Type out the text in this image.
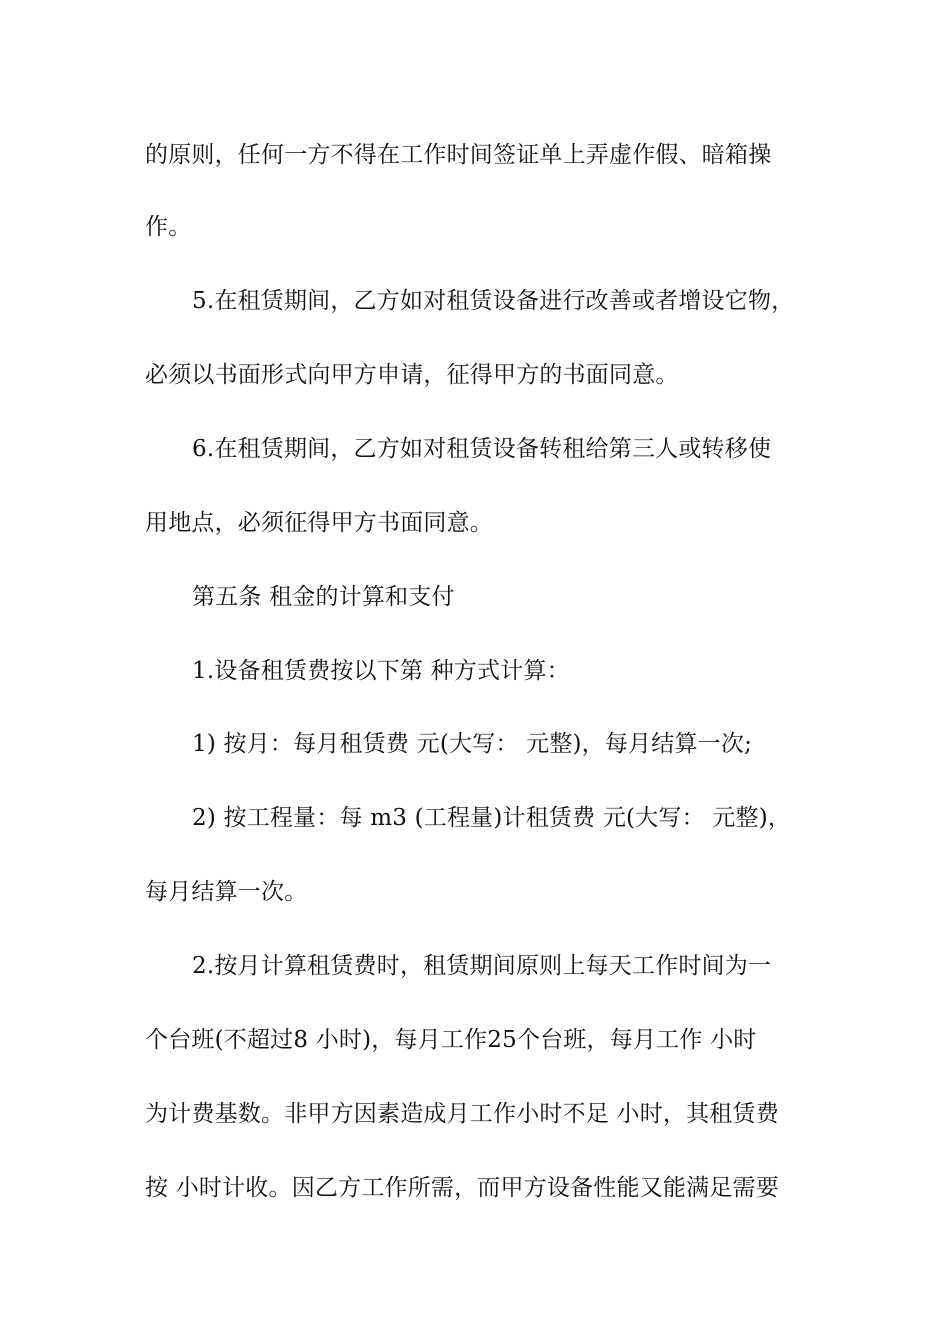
的原则，任何一方不得在工作时间签证单上弄虚作假、暗箱操
作。
5.在租赁期间，乙方如对租赁设备进行改善或者增设它物，
必须以书面形式向甲方申请，征得甲方的书面同意。
6.在租赁期间，乙方如对租赁设备转租给第三人或转移使
用地点，必须征得甲方书面同意。
第五条 租金的计算和支付
1.设备租赁费按以下第 种方式计算：
1) 按月：每月租赁费 元(大写： 元整)，每月结算一次;
2) 按工程量：每 m3 (工程量)计租赁费 元(大写： 元整)，
每月结算一次。
2.按月计算租赁费时，租赁期间原则上每天工作时间为一
个台班(不超过8 小时)，每月工作25个台班，每月工作 小时
为计费基数。非甲方因素造成月工作小时不足 小时，其租赁费
按 小时计收。因乙方工作所需，而甲方设备性能又能满足需要
